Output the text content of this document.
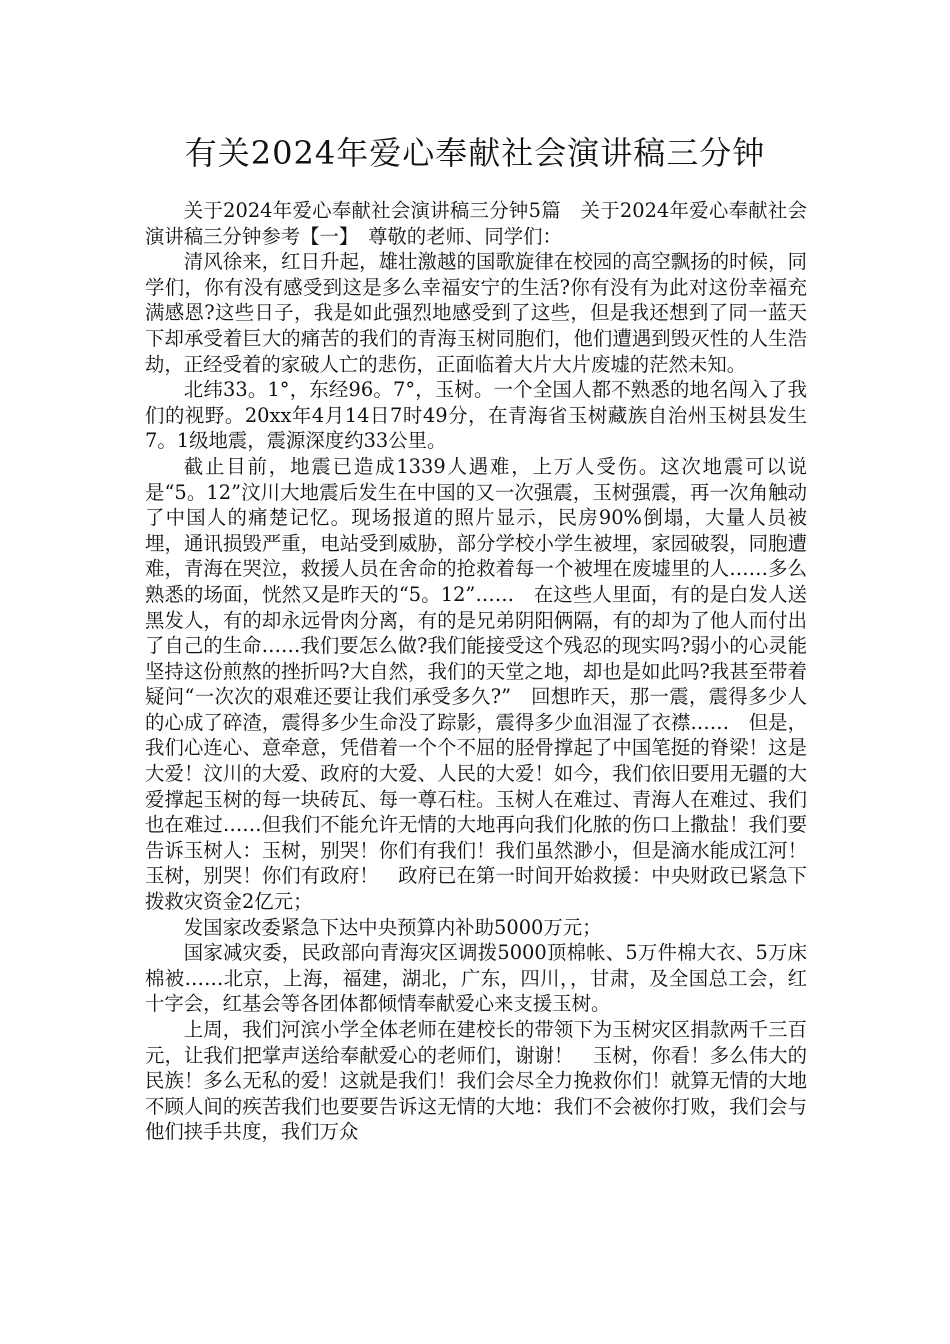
有关2024年爱心奉献社会演讲稿三分钟

关于2024年爱心奉献社会演讲稿三分钟5篇　关于2024年爱心奉献社会演讲稿三分钟参考【一】　尊敬的老师、同学们：

清风徐来，红日升起，雄壮激越的国歌旋律在校园的高空飘扬的时候，同学们，你有没有感受到这是多么幸福安宁的生活?你有没有为此对这份幸福充满感恩?这些日子，我是如此强烈地感受到了这些，但是我还想到了同一蓝天下却承受着巨大的痛苦的我们的青海玉树同胞们，他们遭遇到毁灭性的人生浩劫，正经受着的家破人亡的悲伤，正面临着大片大片废墟的茫然未知。

北纬33。1°，东经96。7°，玉树。一个全国人都不熟悉的地名闯入了我们的视野。20xx年4月14日7时49分，在青海省玉树藏族自治州玉树县发生7。1级地震，震源深度约33公里。

截止目前，地震已造成1339人遇难，上万人受伤。这次地震可以说是“5。12”汶川大地震后发生在中国的又一次强震，玉树强震，再一次角触动了中国人的痛楚记忆。现场报道的照片显示，民房90%倒塌，大量人员被埋，通讯损毁严重，电站受到威胁，部分学校小学生被埋，家园破裂，同胞遭难，青海在哭泣，救援人员在舍命的抢救着每一个被埋在废墟里的人……多么熟悉的场面，恍然又是昨天的“5。12”……　在这些人里面，有的是白发人送黑发人，有的却永远骨肉分离，有的是兄弟阴阳俩隔，有的却为了他人而付出了自己的生命……我们要怎么做?我们能接受这个残忍的现实吗?弱小的心灵能坚持这份煎熬的挫折吗?大自然，我们的天堂之地，却也是如此吗?我甚至带着疑问“一次次的艰难还要让我们承受多久?”　回想昨天，那一震，震得多少人的心成了碎渣，震得多少生命没了踪影，震得多少血泪湿了衣襟……　但是，我们心连心、意牵意，凭借着一个个不屈的胫骨撑起了中国笔挺的脊梁！这是大爱！汶川的大爱、政府的大爱、人民的大爱！如今，我们依旧要用无疆的大爱撑起玉树的每一块砖瓦、每一尊石柱。玉树人在难过、青海人在难过、我们也在难过……但我们不能允许无情的大地再向我们化脓的伤口上撒盐！我们要告诉玉树人：玉树，别哭！你们有我们！我们虽然渺小，但是滴水能成江河！玉树，别哭！你们有政府！　政府已在第一时间开始救援：中央财政已紧急下拨救灾资金2亿元；

发国家改委紧急下达中央预算内补助5000万元；

国家减灾委，民政部向青海灾区调拨5000顶棉帐、5万件棉大衣、5万床棉被……北京，上海，福建，湖北，广东，四川，，甘肃，及全国总工会，红十字会，红基会等各团体都倾情奉献爱心来支援玉树。

上周，我们河滨小学全体老师在建校长的带领下为玉树灾区捐款两千三百元，让我们把掌声送给奉献爱心的老师们，谢谢！　玉树，你看！多么伟大的民族！多么无私的爱！这就是我们！我们会尽全力挽救你们！就算无情的大地不顾人间的疾苦我们也要要告诉这无情的大地：我们不会被你打败，我们会与他们挟手共度，我们万众
